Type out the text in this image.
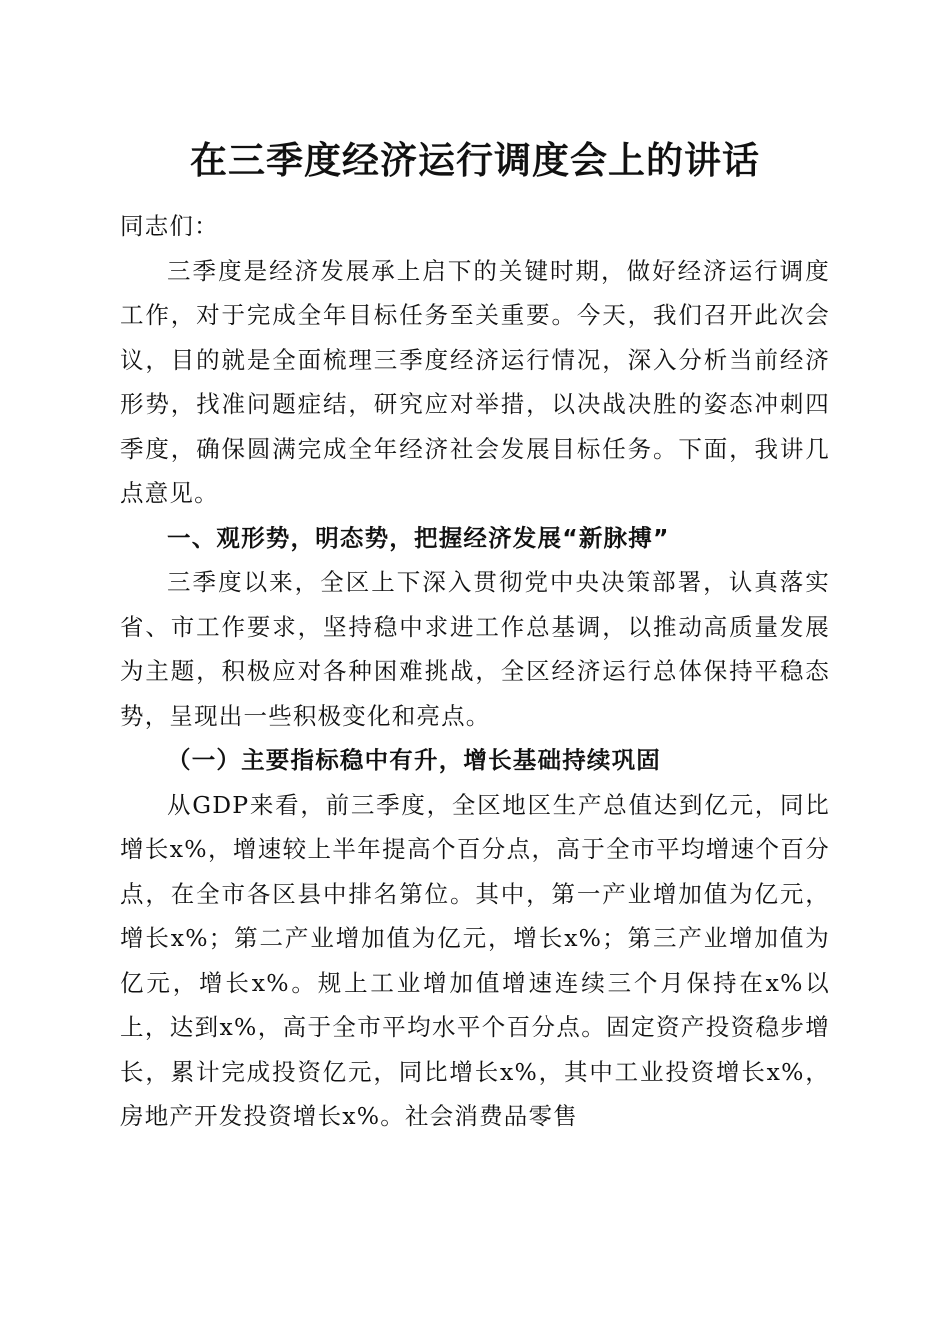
在三季度经济运行调度会上的讲话

同志们：

三季度是经济发展承上启下的关键时期，做好经济运行调度工作，对于完成全年目标任务至关重要。今天，我们召开此次会议，目的就是全面梳理三季度经济运行情况，深入分析当前经济形势，找准问题症结，研究应对举措，以决战决胜的姿态冲刺四季度，确保圆满完成全年经济社会发展目标任务。下面，我讲几点意见。

一、观形势，明态势，把握经济发展“新脉搏”

三季度以来，全区上下深入贯彻党中央决策部署，认真落实省、市工作要求，坚持稳中求进工作总基调，以推动高质量发展为主题，积极应对各种困难挑战，全区经济运行总体保持平稳态势，呈现出一些积极变化和亮点。

（一）主要指标稳中有升，增长基础持续巩固

从GDP来看，前三季度，全区地区生产总值达到亿元，同比增长x%，增速较上半年提高个百分点，高于全市平均增速个百分点，在全市各区县中排名第位。其中，第一产业增加值为亿元，增长x%；第二产业增加值为亿元，增长x%；第三产业增加值为亿元，增长x%。规上工业增加值增速连续三个月保持在x%以上，达到x%，高于全市平均水平个百分点。固定资产投资稳步增长，累计完成投资亿元，同比增长x%，其中工业投资增长x%，房地产开发投资增长x%。社会消费品零售
